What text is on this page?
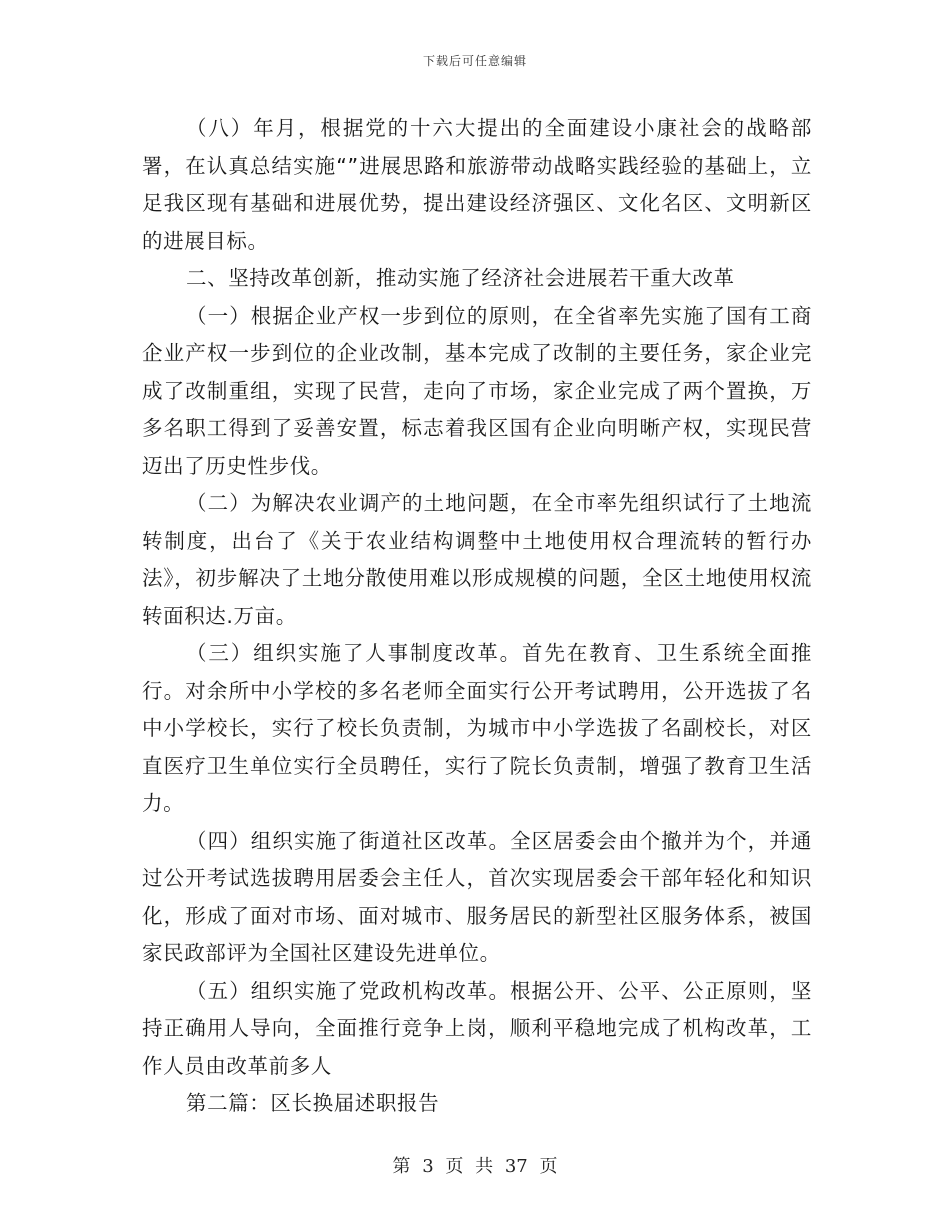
下载后可任意编辑

（八）年月，根据党的十六大提出的全面建设小康社会的战略部署，在认真总结实施“”进展思路和旅游带动战略实践经验的基础上，立足我区现有基础和进展优势，提出建设经济强区、文化名区、文明新区的进展目标。

二、坚持改革创新，推动实施了经济社会进展若干重大改革

（一）根据企业产权一步到位的原则，在全省率先实施了国有工商企业产权一步到位的企业改制，基本完成了改制的主要任务，家企业完成了改制重组，实现了民营，走向了市场，家企业完成了两个置换，万多名职工得到了妥善安置，标志着我区国有企业向明晰产权，实现民营迈出了历史性步伐。

（二）为解决农业调产的土地问题，在全市率先组织试行了土地流转制度，出台了《关于农业结构调整中土地使用权合理流转的暂行办法》，初步解决了土地分散使用难以形成规模的问题，全区土地使用权流转面积达.万亩。

（三）组织实施了人事制度改革。首先在教育、卫生系统全面推行。对余所中小学校的多名老师全面实行公开考试聘用，公开选拔了名中小学校长，实行了校长负责制，为城市中小学选拔了名副校长，对区直医疗卫生单位实行全员聘任，实行了院长负责制，增强了教育卫生活力。

（四）组织实施了街道社区改革。全区居委会由个撤并为个，并通过公开考试选拔聘用居委会主任人，首次实现居委会干部年轻化和知识化，形成了面对市场、面对城市、服务居民的新型社区服务体系，被国家民政部评为全国社区建设先进单位。

（五）组织实施了党政机构改革。根据公开、公平、公正原则，坚持正确用人导向，全面推行竞争上岗，顺利平稳地完成了机构改革，工作人员由改革前多人

第二篇：区长换届述职报告

第 3 页 共 37 页
